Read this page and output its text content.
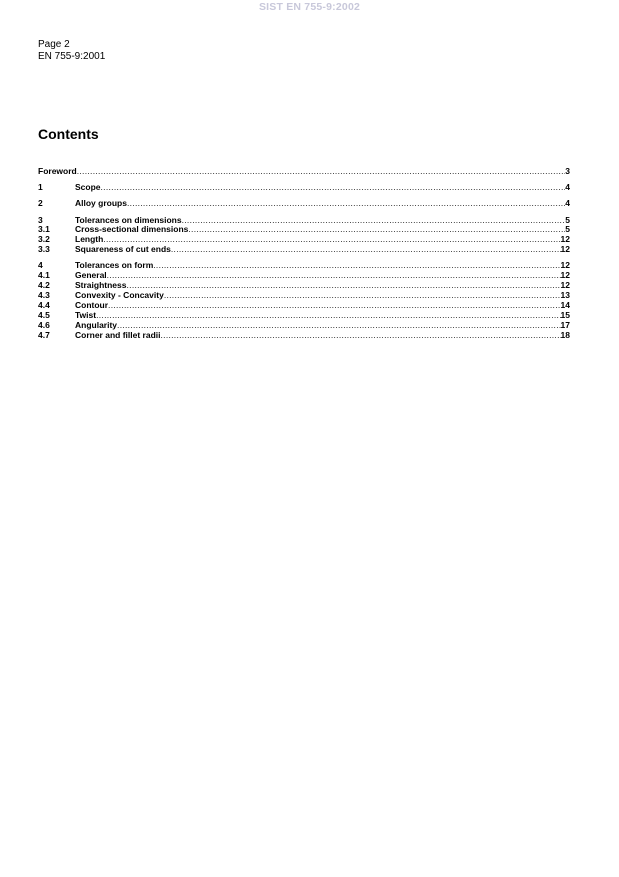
SIST EN 755-9:2002
Page 2
EN 755-9:2001
Contents
Foreword .....	3
1	Scope .....	4
2	Alloy groups .....	4
3	Tolerances on dimensions .....	5
3.1	Cross-sectional dimensions .....	5
3.2	Length .....	12
3.3	Squareness of cut ends .....	12
4	Tolerances on form .....	12
4.1	General .....	12
4.2	Straightness .....	12
4.3	Convexity - Concavity .....	13
4.4	Contour .....	14
4.5	Twist .....	15
4.6	Angularity .....	17
4.7	Corner and fillet radii .....	18
